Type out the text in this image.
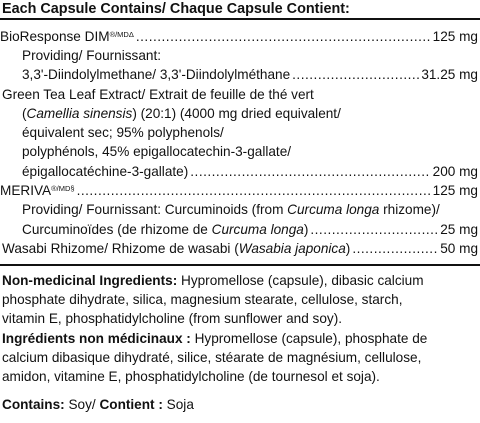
Each Capsule Contains/ Chaque Capsule Contient:
BioResponse $DIM^{®/MD\Delta}$ .....	125 mg
Providing/ Fournissant:
3,3'-Diindolylmethane/ 3,3'-Diindolylméthane .....	31.25 mg
Green Tea Leaf Extract/ Extrait de feuille de thé vert
(Camellia sinensis) (20:1) (4000 mg dried equivalent/
équivalent sec; 95% polyphenols/
polyphénols, 45% epigallocatechin-3-gallate/
épigallocatéchine-3-gallate) .....	200 mg
$MERIVA^{®/MD\S}$ .....	125 mg
Providing/ Fournissant: Curcuminoids (from Curcuma longa rhizome)/
Curcuminoïdes (de rhizome de Curcuma longa) .....	25 mg
Wasabi Rhizome/ Rhizome de wasabi (Wasabia japonica) .....	50 mg
Non-medicinal Ingredients: Hypromellose (capsule), dibasic calcium
phosphate dihydrate, silica, magnesium stearate, cellulose, starch,
vitamin E, phosphatidylcholine (from sunflower and soy).
Ingrédients non médicinaux : Hypromellose (capsule), phosphate de
calcium dibasique dihydraté, silice, stéarate de magnésium, cellulose,
amidon, vitamine E, phosphatidylcholine (de tournesol et soja).
Contains: Soy/ Contient : Soja
